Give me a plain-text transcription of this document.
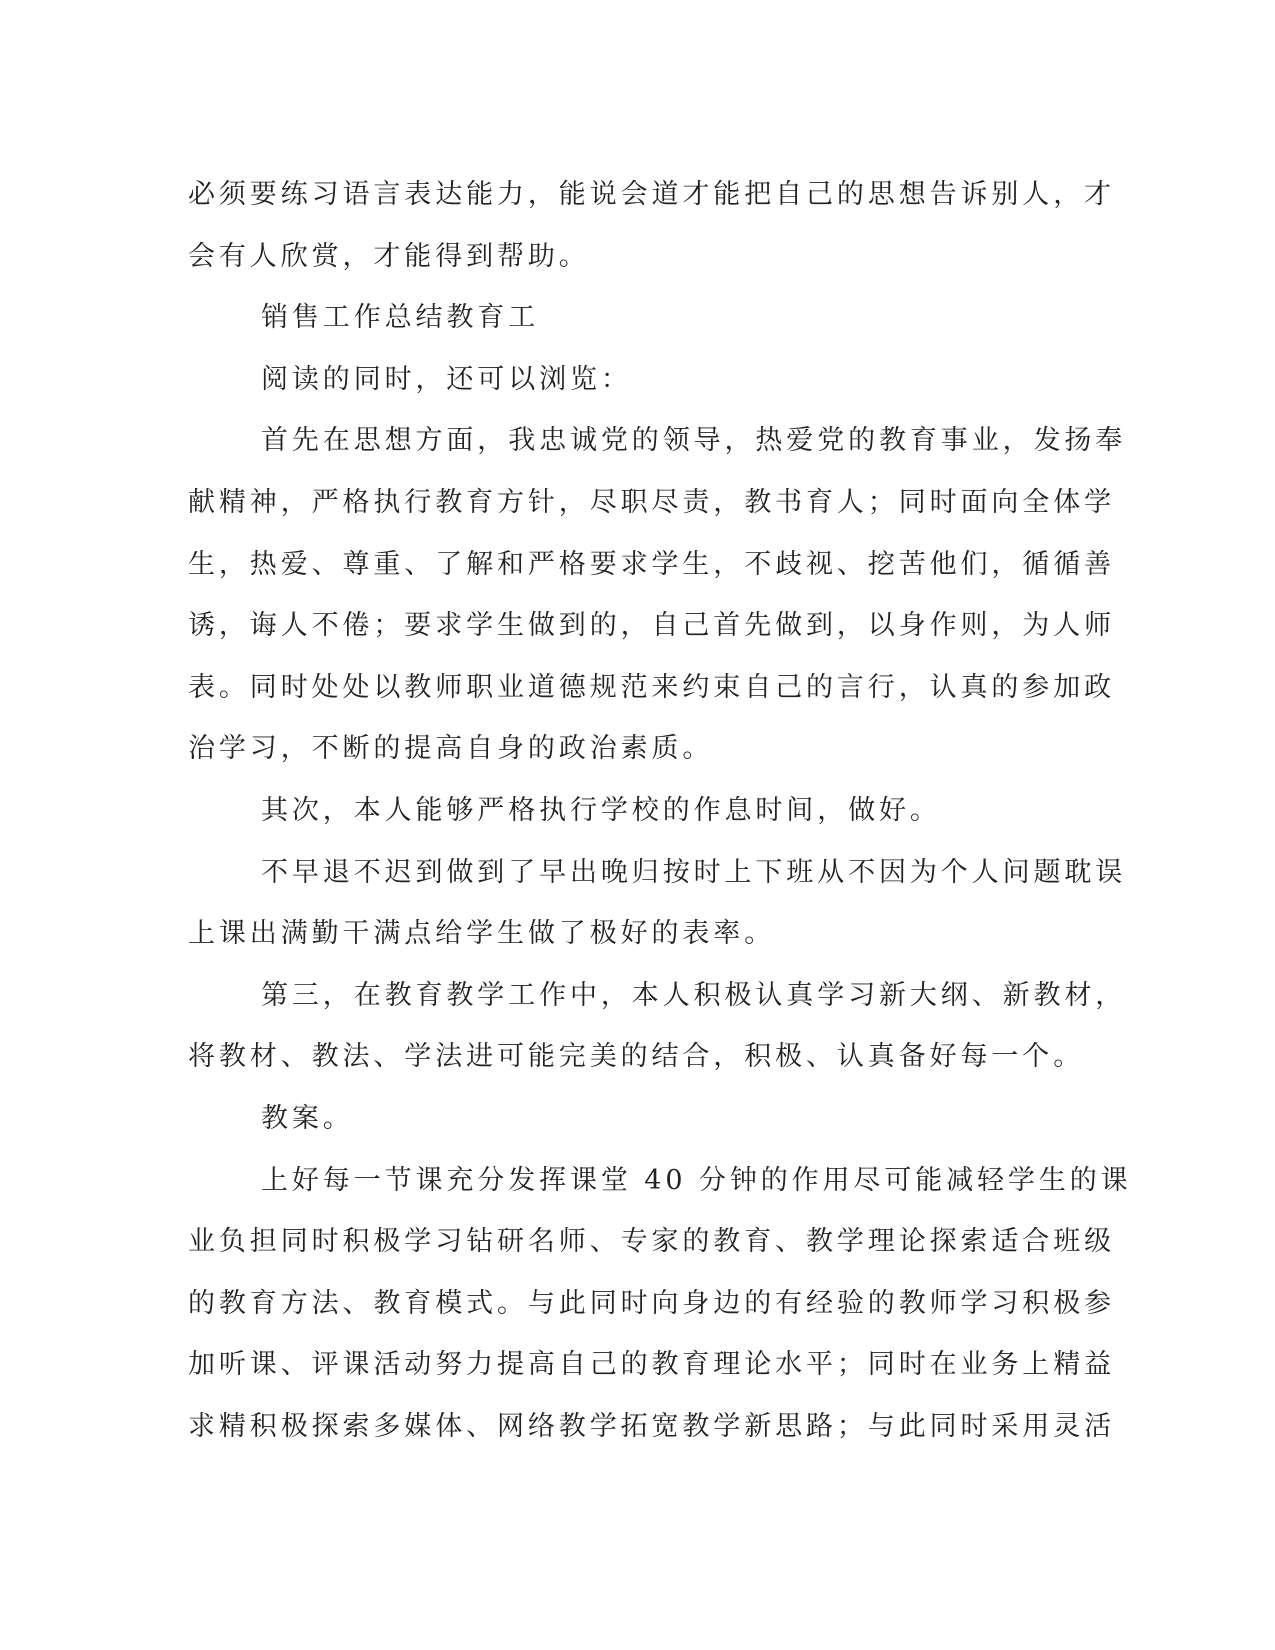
必须要练习语言表达能力，能说会道才能把自己的思想告诉别人，才
会有人欣赏，才能得到帮助。
销售工作总结教育工
阅读的同时，还可以浏览：
首先在思想方面，我忠诚党的领导，热爱党的教育事业，发扬奉
献精神，严格执行教育方针，尽职尽责，教书育人；同时面向全体学
生，热爱、尊重、了解和严格要求学生，不歧视、挖苦他们，循循善
诱，诲人不倦；要求学生做到的，自己首先做到，以身作则，为人师
表。同时处处以教师职业道德规范来约束自己的言行，认真的参加政
治学习，不断的提高自身的政治素质。
其次，本人能够严格执行学校的作息时间，做好。
不早退不迟到做到了早出晚归按时上下班从不因为个人问题耽误
上课出满勤干满点给学生做了极好的表率。
第三，在教育教学工作中，本人积极认真学习新大纲、新教材，
将教材、教法、学法进可能完美的结合，积极、认真备好每一个。
教案。
上好每一节课充分发挥课堂 40 分钟的作用尽可能减轻学生的课
业负担同时积极学习钻研名师、专家的教育、教学理论探索适合班级
的教育方法、教育模式。与此同时向身边的有经验的教师学习积极参
加听课、评课活动努力提高自己的教育理论水平；同时在业务上精益
求精积极探索多媒体、网络教学拓宽教学新思路；与此同时采用灵活
